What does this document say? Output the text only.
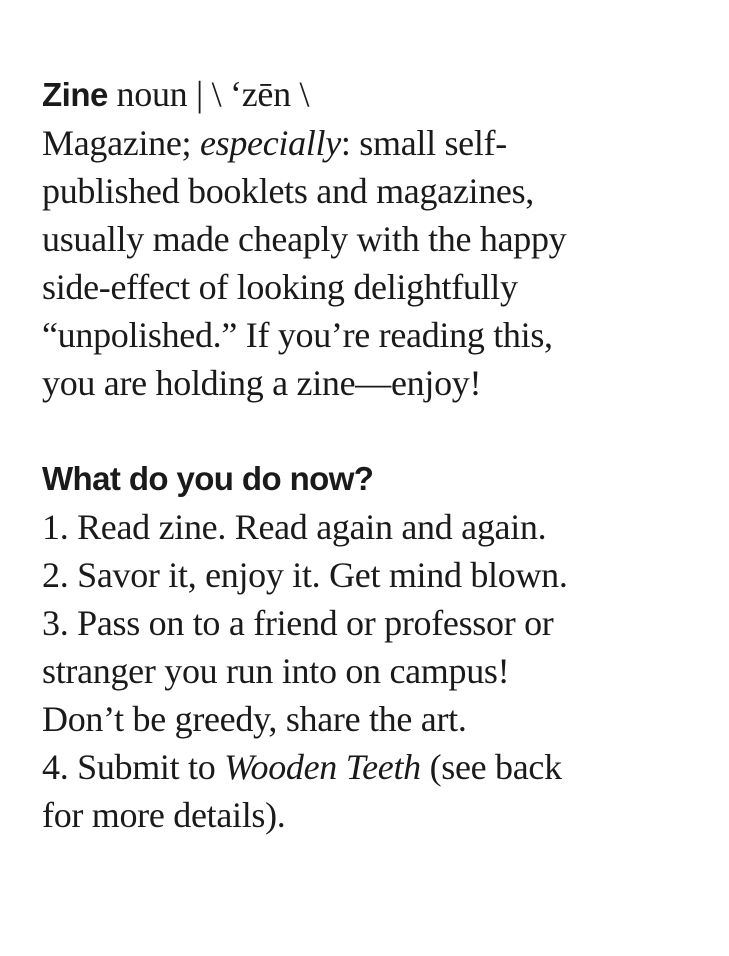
Zine noun | \ ‘zēn \

Magazine; especially: small self-

published booklets and magazines,

usually made cheaply with the happy

side-effect of looking delightfully

“unpolished.” If you’re reading this,

you are holding a zine—enjoy!

What do you do now?

1. Read zine. Read again and again.

2. Savor it, enjoy it. Get mind blown.

3. Pass on to a friend or professor or

stranger you run into on campus!

Don’t be greedy, share the art.

4. Submit to Wooden Teeth (see back

for more details).
